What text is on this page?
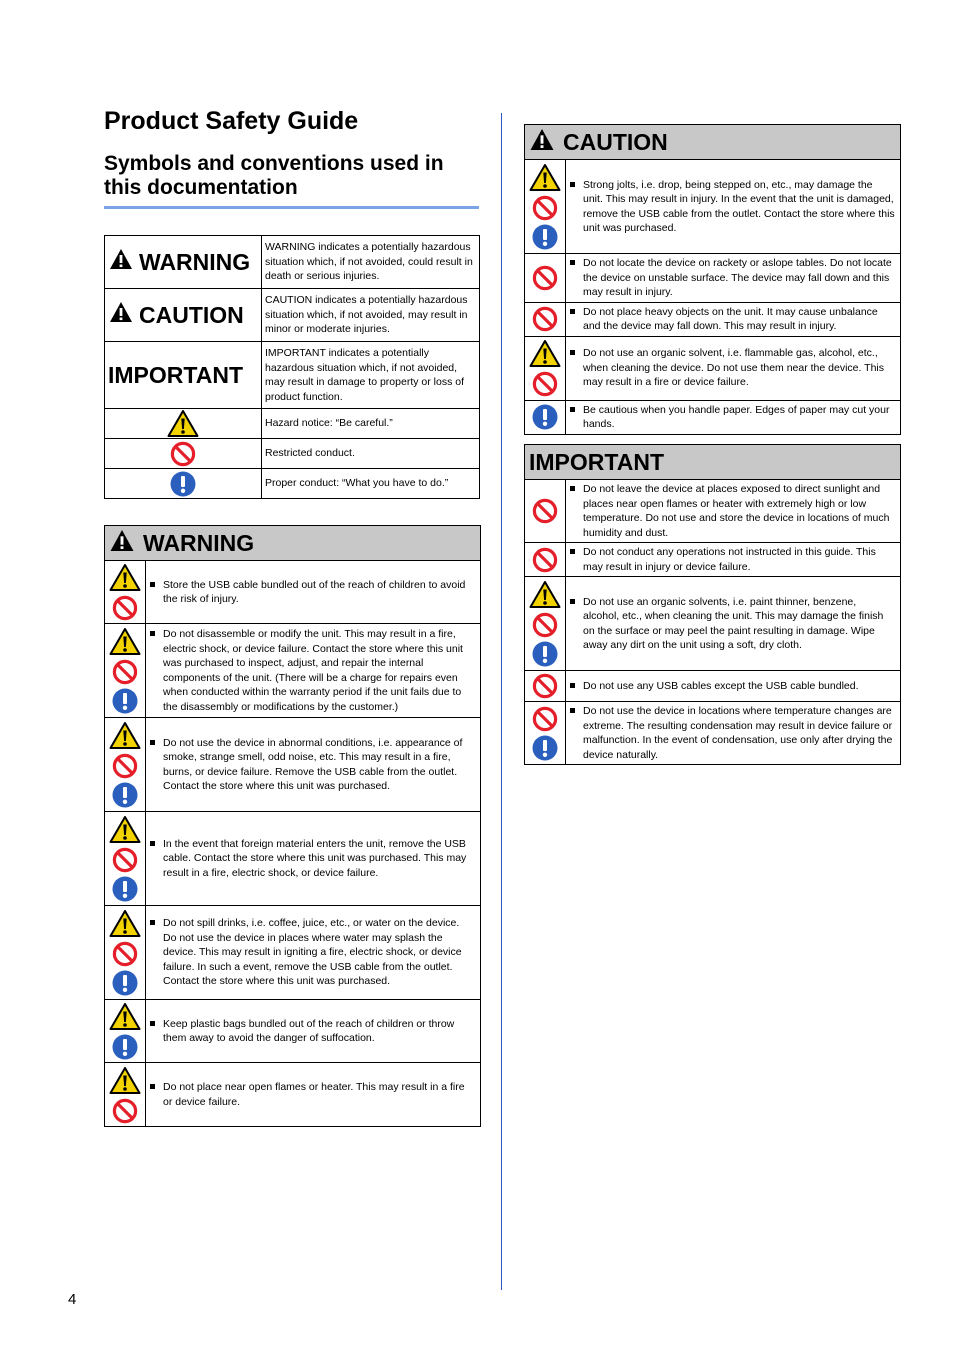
Product Safety Guide
Symbols and conventions used in this documentation
4
WARNING	WARNING indicates a potentially hazardous situation which, if not avoided, could result in death or serious injuries.

CAUTION	CAUTION indicates a potentially hazardous situation which, if not avoided, may result in minor or moderate injuries.
IMPORTANT	IMPORTANT indicates a potentially hazardous situation which, if not avoided, may result in damage to property or loss of product function.
	Hazard notice: “Be careful.”
	Restricted conduct.
	Proper conduct: “What you have to do.”
WARNING	

Store the USB cable bundled out of the reach of children to avoid the risk of injury.

Do not disassemble or modify the unit. This may result in a fire, electric shock, or device failure. Contact the store where this unit was purchased to inspect, adjust, and repair the internal components of the unit. (There will be a charge for repairs even when conducted within the warranty period if the unit fails due to the disassembly or modifications by the customer.)

Do not use the device in abnormal conditions, i.e. appearance of smoke, strange smell, odd noise, etc. This may result in a fire, burns, or device failure. Remove the USB cable from the outlet. Contact the store where this unit was purchased.

In the event that foreign material enters the unit, remove the USB cable. Contact the store where this unit was purchased. This may result in a fire, electric shock, or device failure.

Do not spill drinks, i.e. coffee, juice, etc., or water on the device. Do not use the device in places where water may splash the device. This may result in igniting a fire, electric shock, or device failure. In such a event, remove the USB cable from the outlet. Contact the store where this unit was purchased.

Keep plastic bags bundled out of the reach of children or throw them away to avoid the danger of suffocation.

Do not place near open flames or heater. This may result in a fire or device failure.
CAUTION	

Strong jolts, i.e. drop, being stepped on, etc., may damage the unit. This may result in injury. In the event that the unit is damaged, remove the USB cable from the outlet. Contact the store where this unit was purchased.

Do not locate the device on rackety or aslope tables. Do not locate the device on unstable surface. The device may fall down and this may result in injury.

Do not place heavy objects on the unit. It may cause unbalance and the device may fall down. This may result in injury.

Do not use an organic solvent, i.e. flammable gas, alcohol, etc., when cleaning the device. Do not use them near the device. This may result in a fire or device failure.

Be cautious when you handle paper. Edges of paper may cut your hands.
IMPORTANT	

Do not leave the device at places exposed to direct sunlight and places near open flames or heater with extremely high or low temperature. Do not use and store the device in locations of much humidity and dust.

Do not conduct any operations not instructed in this guide. This may result in injury or device failure.

Do not use an organic solvents, i.e. paint thinner, benzene, alcohol, etc., when cleaning the unit. This may damage the finish on the surface or may peel the paint resulting in damage. Wipe away any dirt on the unit using a soft, dry cloth.

Do not use any USB cables except the USB cable bundled.

Do not use the device in locations where temperature changes are extreme. The resulting condensation may result in device failure or malfunction. In the event of condensation, use only after drying the device naturally.
